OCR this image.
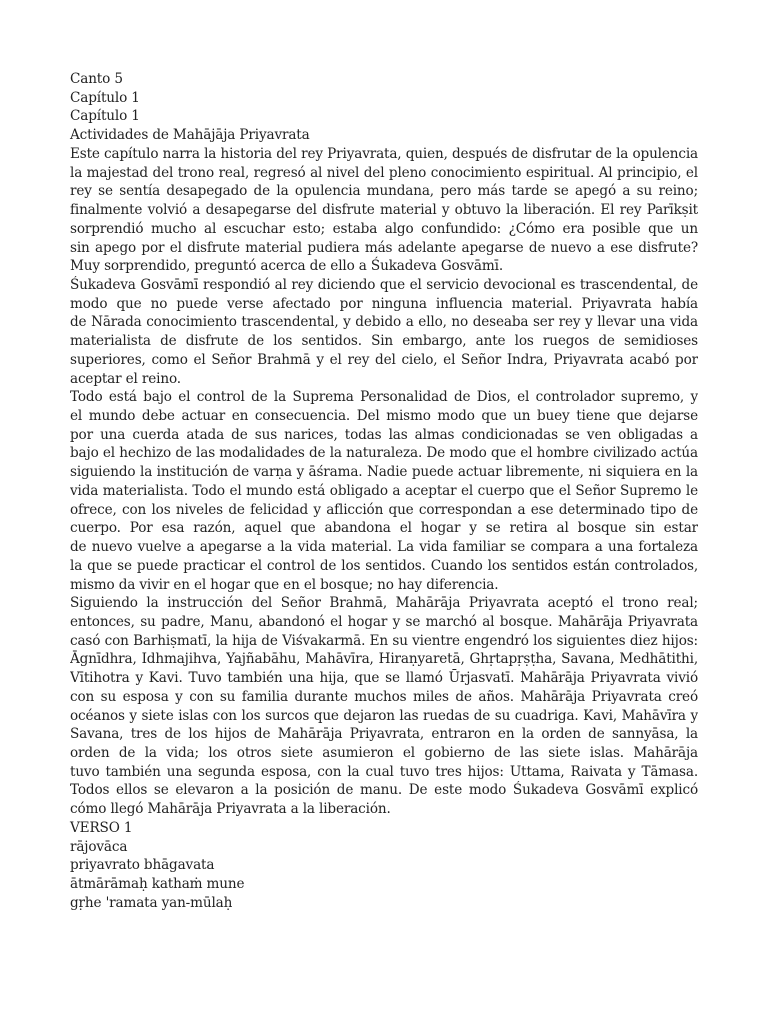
Canto 5
Capítulo 1
Capítulo 1
Actividades de Mahājāja Priyavrata
Este capítulo narra la historia del rey Priyavrata, quien, después de disfrutar de la opulencia
la majestad del trono real, regresó al nivel del pleno conocimiento espiritual. Al principio, el
rey se sentía desapegado de la opulencia mundana, pero más tarde se apegó a su reino;
finalmente volvió a desapegarse del disfrute material y obtuvo la liberación. El rey Parīkṣit
sorprendió mucho al escuchar esto; estaba algo confundido: ¿Cómo era posible que un
sin apego por el disfrute material pudiera más adelante apegarse de nuevo a ese disfrute?
Muy sorprendido, preguntó acerca de ello a Śukadeva Gosvāmī.
Śukadeva Gosvāmī respondió al rey diciendo que el servicio devocional es trascendental, de
modo que no puede verse afectado por ninguna influencia material. Priyavrata había
de Nārada conocimiento trascendental, y debido a ello, no deseaba ser rey y llevar una vida
materialista de disfrute de los sentidos. Sin embargo, ante los ruegos de semidioses
superiores, como el Señor Brahmā y el rey del cielo, el Señor Indra, Priyavrata acabó por
aceptar el reino.
Todo está bajo el control de la Suprema Personalidad de Dios, el controlador supremo, y
el mundo debe actuar en consecuencia. Del mismo modo que un buey tiene que dejarse
por una cuerda atada de sus narices, todas las almas condicionadas se ven obligadas a
bajo el hechizo de las modalidades de la naturaleza. De modo que el hombre civilizado actúa
siguiendo la institución de varṇa y āśrama. Nadie puede actuar libremente, ni siquiera en la
vida materialista. Todo el mundo está obligado a aceptar el cuerpo que el Señor Supremo le
ofrece, con los niveles de felicidad y aflicción que correspondan a ese determinado tipo de
cuerpo. Por esa razón, aquel que abandona el hogar y se retira al bosque sin estar
de nuevo vuelve a apegarse a la vida material. La vida familiar se compara a una fortaleza
la que se puede practicar el control de los sentidos. Cuando los sentidos están controlados,
mismo da vivir en el hogar que en el bosque; no hay diferencia.
Siguiendo la instrucción del Señor Brahmā, Mahārāja Priyavrata aceptó el trono real;
entonces, su padre, Manu, abandonó el hogar y se marchó al bosque. Mahārāja Priyavrata
casó con Barhiṣmatī, la hija de Viśvakarmā. En su vientre engendró los siguientes diez hijos:
Āgnīdhra, Idhmajihva, Yajñabāhu, Mahāvīra, Hiraṇyaretā, Ghṛtapṛṣṭha, Savana, Medhātithi,
Vītihotra y Kavi. Tuvo también una hija, que se llamó Ūrjasvatī. Mahārāja Priyavrata vivió
con su esposa y con su familia durante muchos miles de años. Mahārāja Priyavrata creó
océanos y siete islas con los surcos que dejaron las ruedas de su cuadriga. Kavi, Mahāvīra y
Savana, tres de los hijos de Mahārāja Priyavrata, entraron en la orden de sannyāsa, la
orden de la vida; los otros siete asumieron el gobierno de las siete islas. Mahārāja
tuvo también una segunda esposa, con la cual tuvo tres hijos: Uttama, Raivata y Tāmasa.
Todos ellos se elevaron a la posición de manu. De este modo Śukadeva Gosvāmī explicó
cómo llegó Mahārāja Priyavrata a la liberación.
VERSO 1
rājovāca
priyavrato bhāgavata
ātmārāmaḥ kathaṁ mune
gṛhe 'ramata yan-mūlaḥ
